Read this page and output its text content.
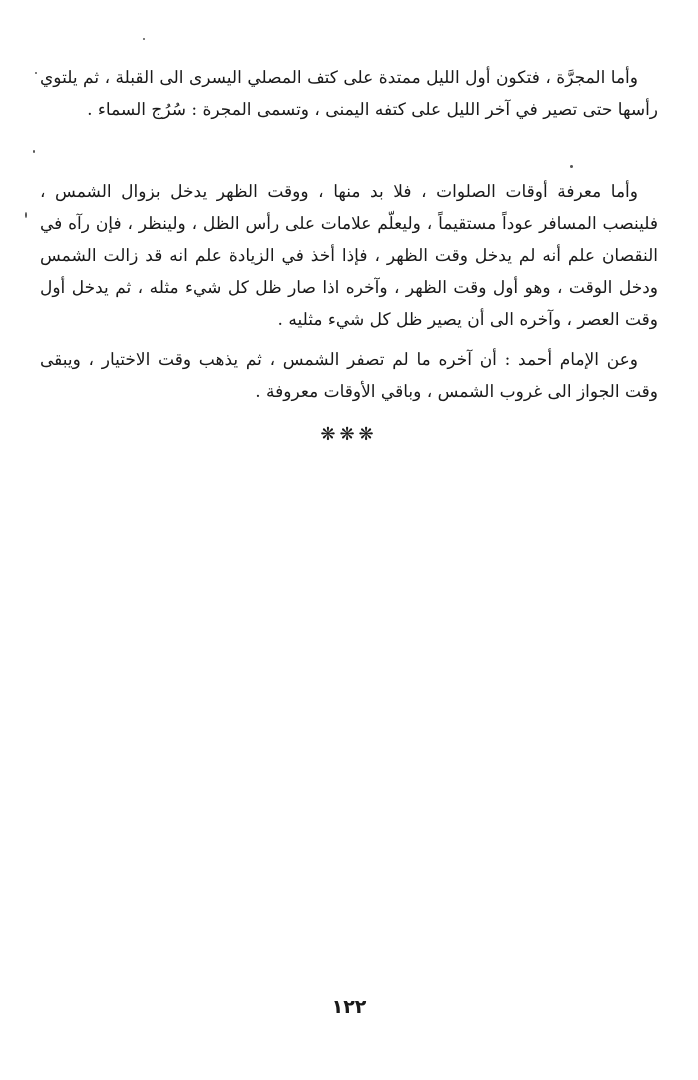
وأما المجرَّة ، فتكون أول الليل ممتدة على كتف المصلي اليسرى الى القبلة ، ثم يلتوي رأسها حتى تصير في آخر الليل على كتفه اليمنى ، وتسمى المجرة : سُرُج السماء .

وأما معرفة أوقات الصلوات ، فلا بد منها ، ووقت الظهر يدخل بزوال الشمس ، فلينصب المسافر عوداً مستقيماً ، وليعلّم علامات على رأس الظل ، ولينظر ، فإن رآه في النقصان علم أنه لم يدخل وقت الظهر ، فإذا أخذ في الزيادة علم انه قد زالت الشمس ودخل الوقت ، وهو أول وقت الظهر ، وآخره اذا صار ظل كل شيء مثله ، ثم يدخل أول وقت العصر ، وآخره الى أن يصير ظل كل شيء مثليه .

وعن الإمام أحمد : أن آخره ما لم تصفر الشمس ، ثم يذهب وقت الاختيار ، ويبقى وقت الجواز الى غروب الشمس ، وباقي الأوقات معروفة .

❋❋❋
١٢٢
